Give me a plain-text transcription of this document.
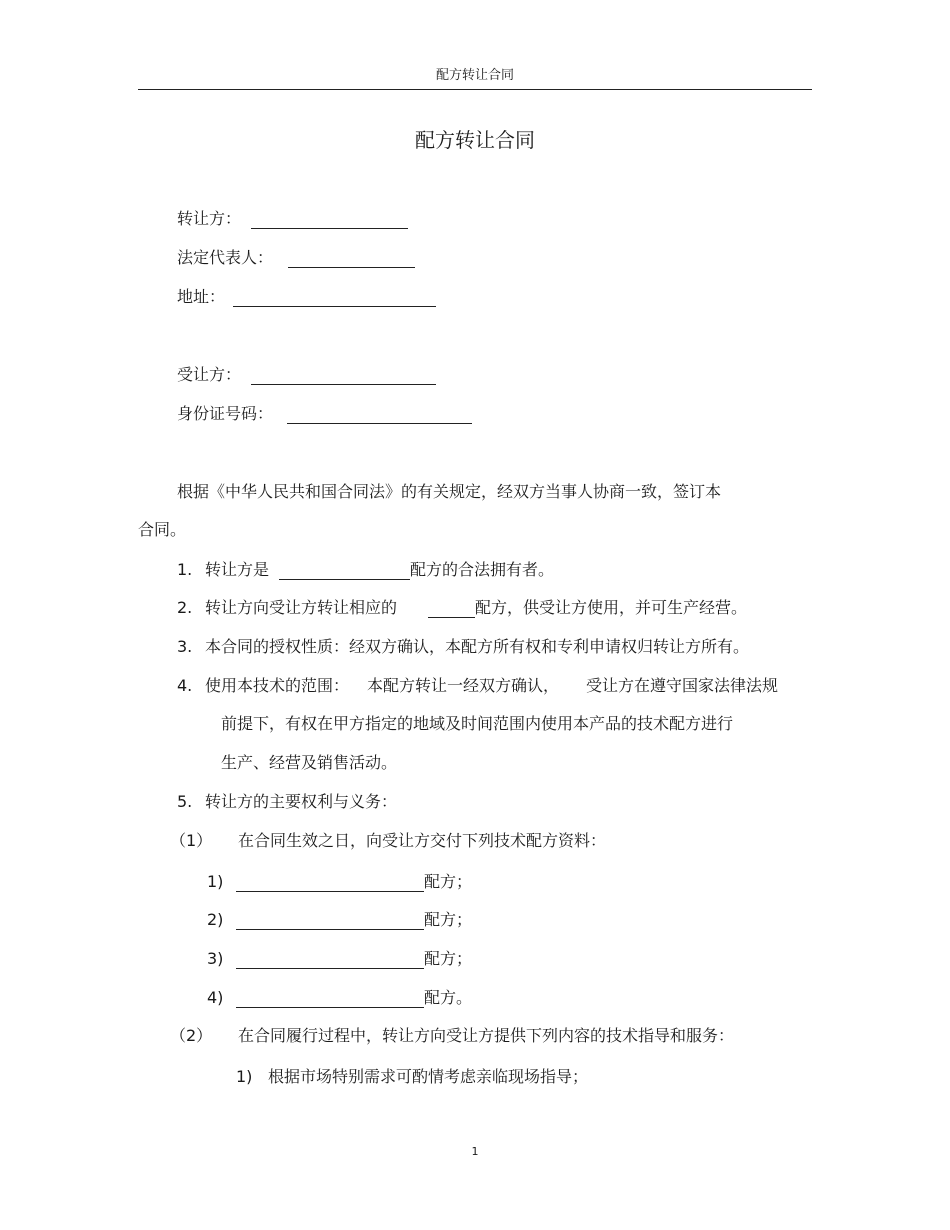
配方转让合同
配方转让合同
转让方：
法定代表人：
地址：
受让方：
身份证号码：
根据《中华人民共和国合同法》的有关规定，经双方当事人协商一致，签订本
合同。
1. 转让方是	配方的合法拥有者。
2. 转让方向受让方转让相应的	配方，供受让方使用，并可生产经营。
3. 本合同的授权性质：经双方确认，本配方所有权和专利申请权归转让方所有。
4. 使用本技术的范围： 本配方转让一经双方确认， 受让方在遵守国家法律法规
前提下，有权在甲方指定的地域及时间范围内使用本产品的技术配方进行
生产、经营及销售活动。
5. 转让方的主要权利与义务：
（1） 在合同生效之日，向受让方交付下列技术配方资料：
1)	配方；
2)	配方；
3)	配方；
4)	配方。
（2） 在合同履行过程中，转让方向受让方提供下列内容的技术指导和服务：
1) 根据市场特别需求可酌情考虑亲临现场指导；
1
